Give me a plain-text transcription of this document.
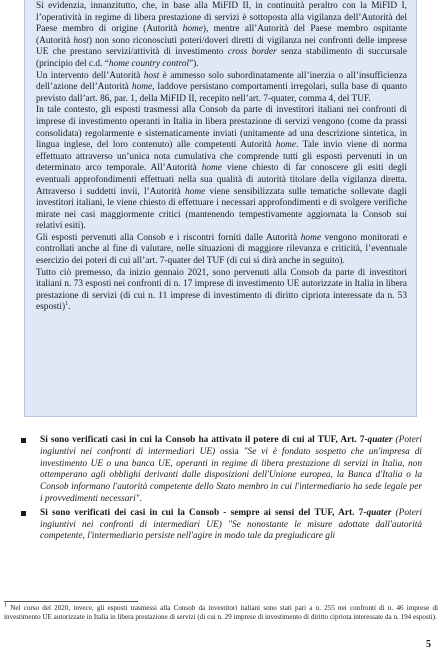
Si evidenzia, innanzitutto, che, in base alla MiFID II, in continuità peraltro con la MiFID I, l’operatività in regime di libera prestazione di servizi è sottoposta alla vigilanza dell’Autorità del Paese membro di origine (Autorità home), mentre all’Autorità del Paese membro ospitante (Autorità host) non sono riconosciuti poteri/doveri diretti di vigilanza nei confronti delle imprese UE che prestano servizi/attività di investimento cross border senza stabilimento di succursale (principio del c.d. “home country control”).

Un intervento dell’Autorità host è ammesso solo subordinatamente all’inerzia o all’insufficienza dell’azione dell’Autorità home, laddove persistano comportamenti irregolari, sulla base di quanto previsto dall’art. 86, par. 1, della MiFID II, recepito nell’art. 7-quater, comma 4, del TUF.

In tale contesto, gli esposti trasmessi alla Consob da parte di investitori italiani nei confronti di imprese di investimento operanti in Italia in libera prestazione di servizi vengono (come da prassi consolidata) regolarmente e sistematicamente inviati (unitamente ad una descrizione sintetica, in lingua inglese, del loro contenuto) alle competenti Autorità home. Tale invio viene di norma effettuato attraverso un’unica nota cumulativa che comprende tutti gli esposti pervenuti in un determinato arco temporale. All’Autorità home viene chiesto di far conoscere gli esiti degli eventuali approfondimenti effettuati nella sua qualità di autorità titolare della vigilanza diretta. Attraverso i suddetti invii, l’Autorità home viene sensibilizzata sulle tematiche sollevate dagli investitori italiani, le viene chiesto di effettuare i necessari approfondimenti e di svolgere verifiche mirate nei casi maggiormente critici (mantenendo tempestivamente aggiornata la Consob sui relativi esiti).

Gli esposti pervenuti alla Consob e i riscontri forniti dalle Autorità home vengono monitorati e controllati anche al fine di valutare, nelle situazioni di maggiore rilevanza e criticità, l’eventuale esercizio dei poteri di cui all’art. 7-quater del TUF (di cui si dirà anche in seguito).

Tutto ciò premesso, da inizio gennaio 2021, sono pervenuti alla Consob da parte di investitori italiani n. 73 esposti nei confronti di n. 17 imprese di investimento UE autorizzate in Italia in libera prestazione di servizi (di cui n. 11 imprese di investimento di diritto cipriota interessate da n. 53 esposti)$^1$.

Si sono verificati casi in cui la Consob ha attivato il potere di cui al TUF, Art. 7-quater (Poteri ingiuntivi nei confronti di intermediari UE) ossia "Se vi è fondato sospetto che un'impresa di investimento UE o una banca UE, operanti in regime di libera prestazione di servizi in Italia, non ottemperano agli obblighi derivanti dalle disposizioni dell'Unione europea, la Banca d'Italia o la Consob informano l'autorità competente dello Stato membro in cui l'intermediario ha sede legale per i provvedimenti necessari".
Si sono verificati dei casi in cui la Consob - sempre ai sensi del TUF, Art. 7-quater (Poteri ingiuntivi nei confronti di intermediari UE) "Se nonostante le misure adottate dall'autorità competente, l'intermediario persiste nell'agire in modo tale da pregiudicare gli
$^1$ Nel corso del 2020, invece, gli esposti trasmessi alla Consob da investitori italiani sono stati pari a n. 255 nei confronti di n. 46 imprese di investimento UE autorizzate in Italia in libera prestazione di servizi (di cui n. 29 imprese di investimento di diritto cipriota interessate da n. 194 esposti).
5
